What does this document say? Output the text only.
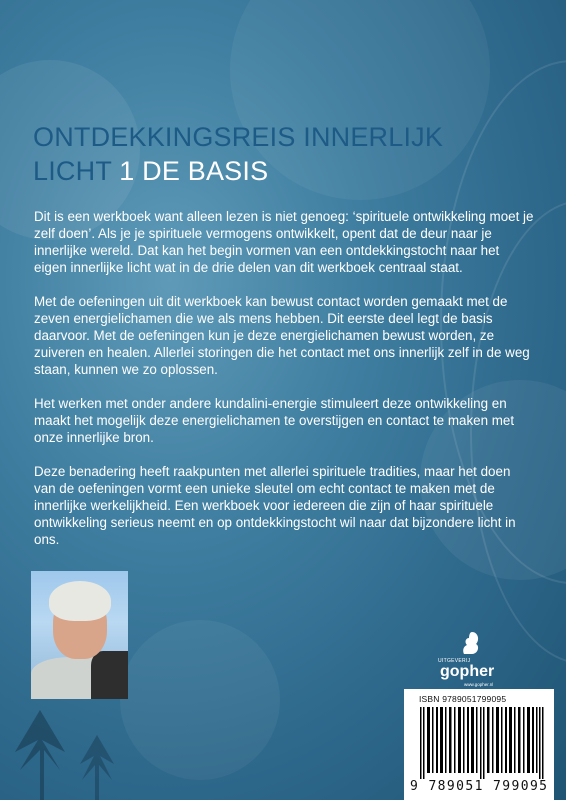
ONTDEKKINGSREIS INNERLIJK
LICHT 1 DE BASIS

Dit is een werkboek want alleen lezen is niet genoeg: ‘spirituele ontwikkeling moet je zelf doen’. Als je je spirituele vermogens ontwikkelt, opent dat de deur naar je innerlijke wereld. Dat kan het begin vormen van een ontdekkingstocht naar het eigen innerlijke licht wat in de drie delen van dit werkboek centraal staat.

Met de oefeningen uit dit werkboek kan bewust contact worden gemaakt met de zeven energielichamen die we als mens hebben. Dit eerste deel legt de basis daarvoor. Met de oefeningen kun je deze energielichamen bewust worden, ze zuiveren en healen. Allerlei storingen die het contact met ons innerlijk zelf in de weg staan, kunnen we zo oplossen.

Het werken met onder andere kundalini-energie stimuleert deze ontwikkeling en maakt het mogelijk deze energielichamen te overstijgen en contact te maken met onze innerlijke bron.

Deze benadering heeft raakpunten met allerlei spirituele tradities, maar het doen van de oefeningen vormt een unieke sleutel om echt contact te maken met de innerlijke werkelijkheid. Een werkboek voor iedereen die zijn of haar spirituele ontwikkeling serieus neemt en op ontdekkingstocht wil naar dat bijzondere licht in ons.

UITGEVERIJ
gopher
www.gopher.nl
ISBN 9789051799095
9 789051 799095
